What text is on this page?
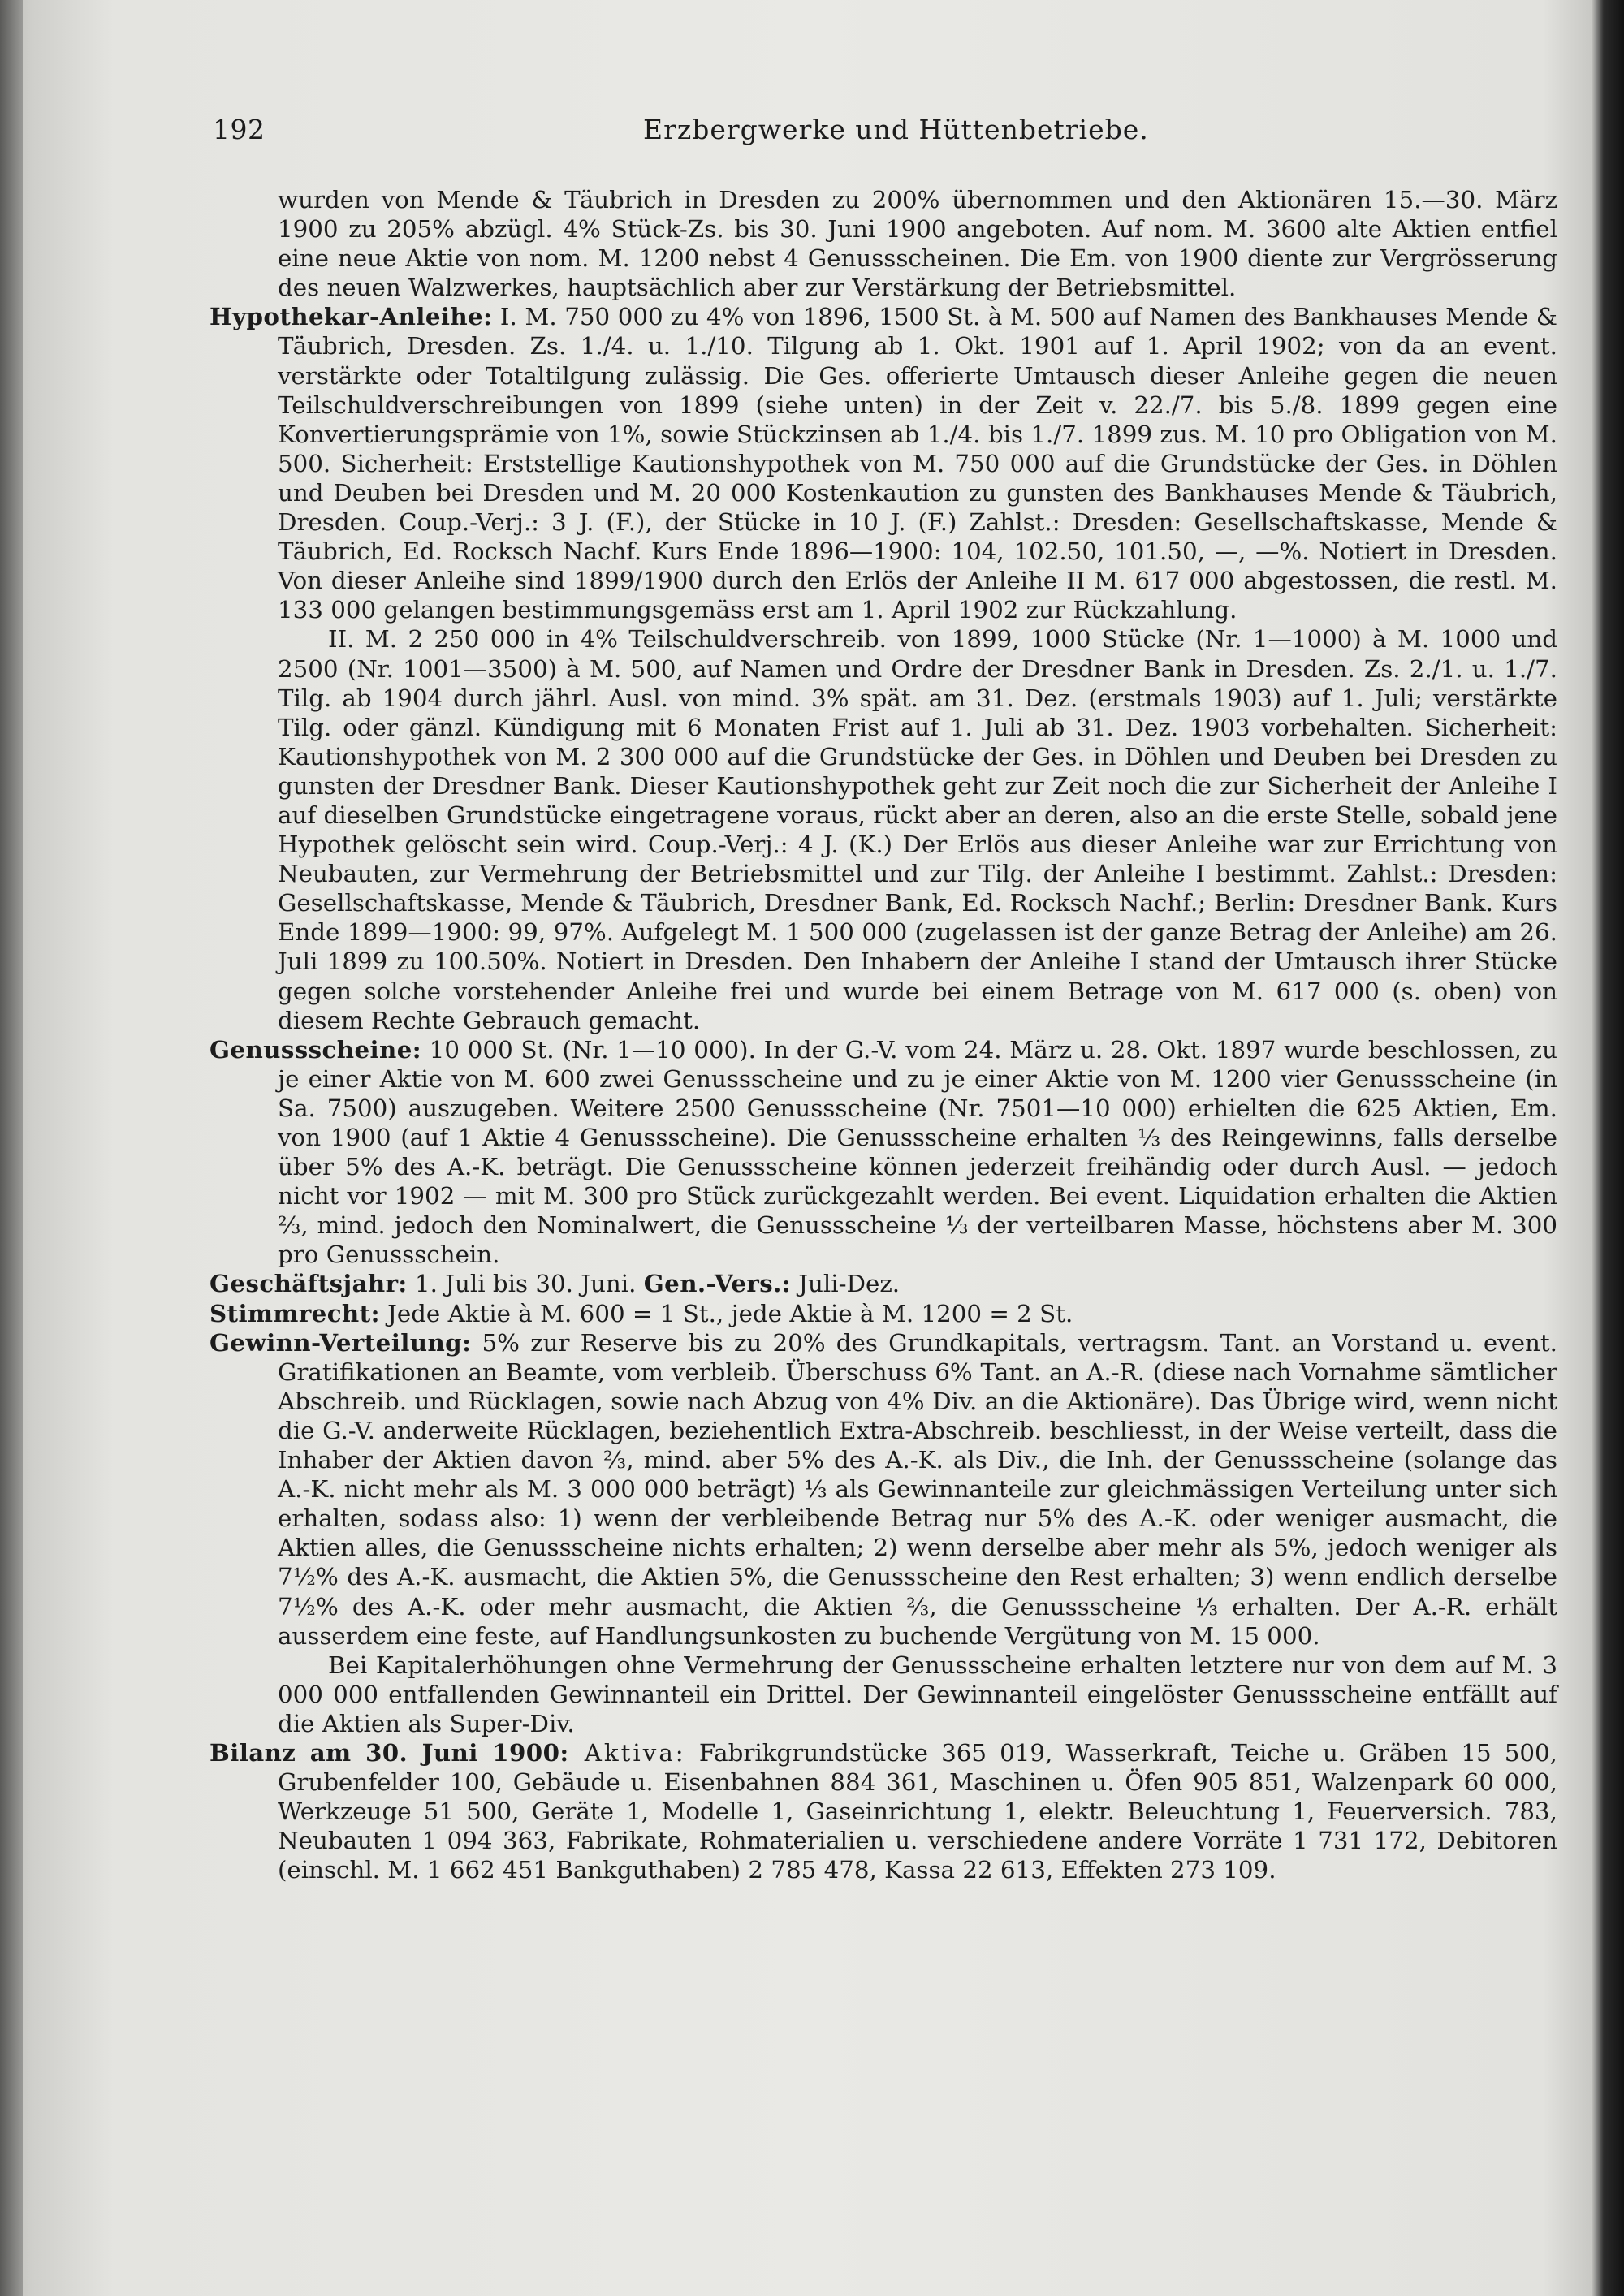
192	Erzbergwerke und Hüttenbetriebe.

wurden von Mende & Täubrich in Dresden zu 200% übernommen und den Aktionären 15.—30. März 1900 zu 205% abzügl. 4% Stück-Zs. bis 30. Juni 1900 angeboten. Auf nom. M. 3600 alte Aktien entfiel eine neue Aktie von nom. M. 1200 nebst 4 Genussscheinen. Die Em. von 1900 diente zur Vergrösserung des neuen Walzwerkes, hauptsächlich aber zur Verstärkung der Betriebsmittel.

Hypothekar-Anleihe: I. M. 750 000 zu 4% von 1896, 1500 St. à M. 500 auf Namen des Bankhauses Mende & Täubrich, Dresden. Zs. 1./4. u. 1./10. Tilgung ab 1. Okt. 1901 auf 1. April 1902; von da an event. verstärkte oder Totaltilgung zulässig. Die Ges. offerierte Umtausch dieser Anleihe gegen die neuen Teilschuldverschreibungen von 1899 (siehe unten) in der Zeit v. 22./7. bis 5./8. 1899 gegen eine Konvertierungsprämie von 1%, sowie Stückzinsen ab 1./4. bis 1./7. 1899 zus. M. 10 pro Obligation von M. 500. Sicherheit: Erststellige Kautionshypothek von M. 750 000 auf die Grundstücke der Ges. in Döhlen und Deuben bei Dresden und M. 20 000 Kostenkaution zu gunsten des Bankhauses Mende & Täubrich, Dresden. Coup.-Verj.: 3 J. (F.), der Stücke in 10 J. (F.) Zahlst.: Dresden: Gesellschaftskasse, Mende & Täubrich, Ed. Rocksch Nachf. Kurs Ende 1896—1900: 104, 102.50, 101.50, —, —%. Notiert in Dresden. Von dieser Anleihe sind 1899/1900 durch den Erlös der Anleihe II M. 617 000 abgestossen, die restl. M. 133 000 gelangen bestimmungsgemäss erst am 1. April 1902 zur Rückzahlung.

II. M. 2 250 000 in 4% Teilschuldverschreib. von 1899, 1000 Stücke (Nr. 1—1000) à M. 1000 und 2500 (Nr. 1001—3500) à M. 500, auf Namen und Ordre der Dresdner Bank in Dresden. Zs. 2./1. u. 1./7. Tilg. ab 1904 durch jährl. Ausl. von mind. 3% spät. am 31. Dez. (erstmals 1903) auf 1. Juli; verstärkte Tilg. oder gänzl. Kündigung mit 6 Monaten Frist auf 1. Juli ab 31. Dez. 1903 vorbehalten. Sicherheit: Kautionshypothek von M. 2 300 000 auf die Grundstücke der Ges. in Döhlen und Deuben bei Dresden zu gunsten der Dresdner Bank. Dieser Kautionshypothek geht zur Zeit noch die zur Sicherheit der Anleihe I auf dieselben Grundstücke eingetragene voraus, rückt aber an deren, also an die erste Stelle, sobald jene Hypothek gelöscht sein wird. Coup.-Verj.: 4 J. (K.) Der Erlös aus dieser Anleihe war zur Errichtung von Neubauten, zur Vermehrung der Betriebsmittel und zur Tilg. der Anleihe I bestimmt. Zahlst.: Dresden: Gesellschaftskasse, Mende & Täubrich, Dresdner Bank, Ed. Rocksch Nachf.; Berlin: Dresdner Bank. Kurs Ende 1899—1900: 99, 97%. Aufgelegt M. 1 500 000 (zugelassen ist der ganze Betrag der Anleihe) am 26. Juli 1899 zu 100.50%. Notiert in Dresden. Den Inhabern der Anleihe I stand der Umtausch ihrer Stücke gegen solche vorstehender Anleihe frei und wurde bei einem Betrage von M. 617 000 (s. oben) von diesem Rechte Gebrauch gemacht.

Genussscheine: 10 000 St. (Nr. 1—10 000). In der G.-V. vom 24. März u. 28. Okt. 1897 wurde beschlossen, zu je einer Aktie von M. 600 zwei Genussscheine und zu je einer Aktie von M. 1200 vier Genussscheine (in Sa. 7500) auszugeben. Weitere 2500 Genussscheine (Nr. 7501—10 000) erhielten die 625 Aktien, Em. von 1900 (auf 1 Aktie 4 Genussscheine). Die Genussscheine erhalten ⅓ des Reingewinns, falls derselbe über 5% des A.-K. beträgt. Die Genussscheine können jederzeit freihändig oder durch Ausl. — jedoch nicht vor 1902 — mit M. 300 pro Stück zurückgezahlt werden. Bei event. Liquidation erhalten die Aktien ⅔, mind. jedoch den Nominalwert, die Genussscheine ⅓ der verteilbaren Masse, höchstens aber M. 300 pro Genussschein.

Geschäftsjahr: 1. Juli bis 30. Juni. Gen.-Vers.: Juli-Dez.

Stimmrecht: Jede Aktie à M. 600 = 1 St., jede Aktie à M. 1200 = 2 St.

Gewinn-Verteilung: 5% zur Reserve bis zu 20% des Grundkapitals, vertragsm. Tant. an Vorstand u. event. Gratifikationen an Beamte, vom verbleib. Überschuss 6% Tant. an A.-R. (diese nach Vornahme sämtlicher Abschreib. und Rücklagen, sowie nach Abzug von 4% Div. an die Aktionäre). Das Übrige wird, wenn nicht die G.-V. anderweite Rücklagen, beziehentlich Extra-Abschreib. beschliesst, in der Weise verteilt, dass die Inhaber der Aktien davon ⅔, mind. aber 5% des A.-K. als Div., die Inh. der Genussscheine (solange das A.-K. nicht mehr als M. 3 000 000 beträgt) ⅓ als Gewinnanteile zur gleichmässigen Verteilung unter sich erhalten, sodass also: 1) wenn der verbleibende Betrag nur 5% des A.-K. oder weniger ausmacht, die Aktien alles, die Genussscheine nichts erhalten; 2) wenn derselbe aber mehr als 5%, jedoch weniger als 7½% des A.-K. ausmacht, die Aktien 5%, die Genussscheine den Rest erhalten; 3) wenn endlich derselbe 7½% des A.-K. oder mehr ausmacht, die Aktien ⅔, die Genussscheine ⅓ erhalten. Der A.-R. erhält ausserdem eine feste, auf Handlungsunkosten zu buchende Vergütung von M. 15 000.

Bei Kapitalerhöhungen ohne Vermehrung der Genussscheine erhalten letztere nur von dem auf M. 3 000 000 entfallenden Gewinnanteil ein Drittel. Der Gewinnanteil eingelöster Genussscheine entfällt auf die Aktien als Super-Div.

Bilanz am 30. Juni 1900: Aktiva: Fabrikgrundstücke 365 019, Wasserkraft, Teiche u. Gräben 15 500, Grubenfelder 100, Gebäude u. Eisenbahnen 884 361, Maschinen u. Öfen 905 851, Walzenpark 60 000, Werkzeuge 51 500, Geräte 1, Modelle 1, Gaseinrichtung 1, elektr. Beleuchtung 1, Feuerversich. 783, Neubauten 1 094 363, Fabrikate, Rohmaterialien u. verschiedene andere Vorräte 1 731 172, Debitoren (einschl. M. 1 662 451 Bankguthaben) 2 785 478, Kassa 22 613, Effekten 273 109.
